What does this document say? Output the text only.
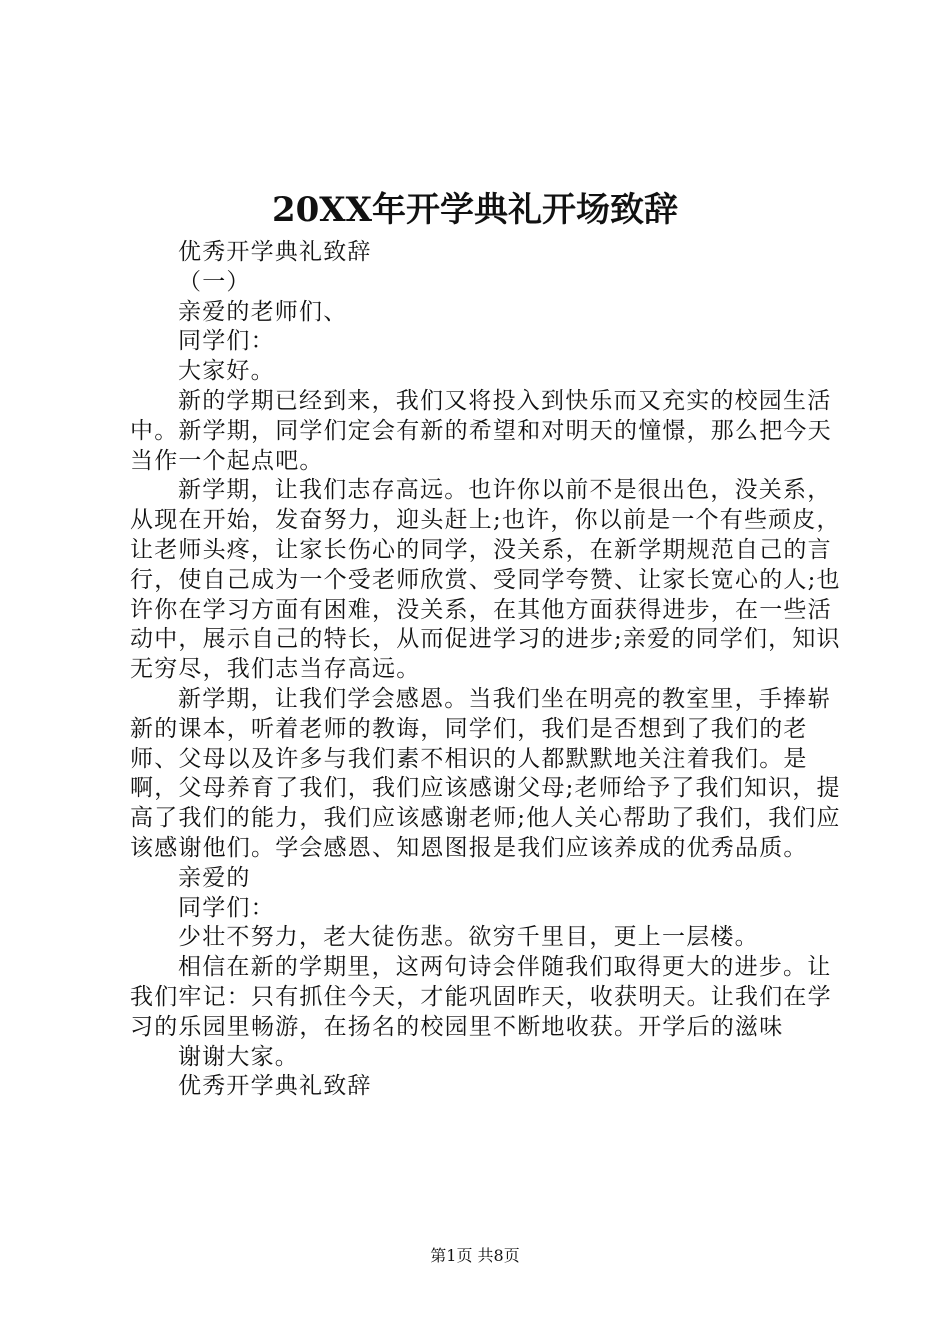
20XX年开学典礼开场致辞

优秀开学典礼致辞

（一）

亲爱的老师们、

同学们：

大家好。

新的学期已经到来，我们又将投入到快乐而又充实的校园生活中。新学期，同学们定会有新的希望和对明天的憧憬，那么把今天当作一个起点吧。

新学期，让我们志存高远。也许你以前不是很出色，没关系，从现在开始，发奋努力，迎头赶上;也许，你以前是一个有些顽皮，让老师头疼，让家长伤心的同学，没关系，在新学期规范自己的言行，使自己成为一个受老师欣赏、受同学夸赞、让家长宽心的人;也许你在学习方面有困难，没关系，在其他方面获得进步，在一些活动中，展示自己的特长，从而促进学习的进步;亲爱的同学们，知识无穷尽，我们志当存高远。

新学期，让我们学会感恩。当我们坐在明亮的教室里，手捧崭新的课本，听着老师的教诲，同学们，我们是否想到了我们的老师、父母以及许多与我们素不相识的人都默默地关注着我们。是啊，父母养育了我们，我们应该感谢父母;老师给予了我们知识，提高了我们的能力，我们应该感谢老师;他人关心帮助了我们，我们应该感谢他们。学会感恩、知恩图报是我们应该养成的优秀品质。

亲爱的

同学们：

少壮不努力，老大徒伤悲。欲穷千里目，更上一层楼。

相信在新的学期里，这两句诗会伴随我们取得更大的进步。让我们牢记：只有抓住今天，才能巩固昨天，收获明天。让我们在学习的乐园里畅游，在扬名的校园里不断地收获。开学后的滋味

谢谢大家。

优秀开学典礼致辞

第1页 共8页
